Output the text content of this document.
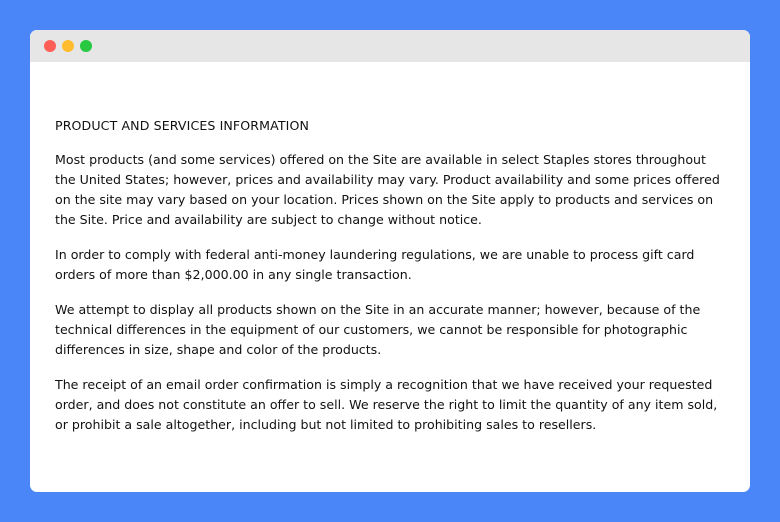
PRODUCT AND SERVICES INFORMATION

Most products (and some services) offered on the Site are available in select Staples stores throughout the United States; however, prices and availability may vary. Product availability and some prices offered on the site may vary based on your location. Prices shown on the Site apply to products and services on the Site. Price and availability are subject to change without notice.

In order to comply with federal anti-money laundering regulations, we are unable to process gift card orders of more than $2,000.00 in any single transaction.

We attempt to display all products shown on the Site in an accurate manner; however, because of the technical differences in the equipment of our customers, we cannot be responsible for photographic differences in size, shape and color of the products.

The receipt of an email order confirmation is simply a recognition that we have received your requested order, and does not constitute an offer to sell. We reserve the right to limit the quantity of any item sold, or prohibit a sale altogether, including but not limited to prohibiting sales to resellers.
